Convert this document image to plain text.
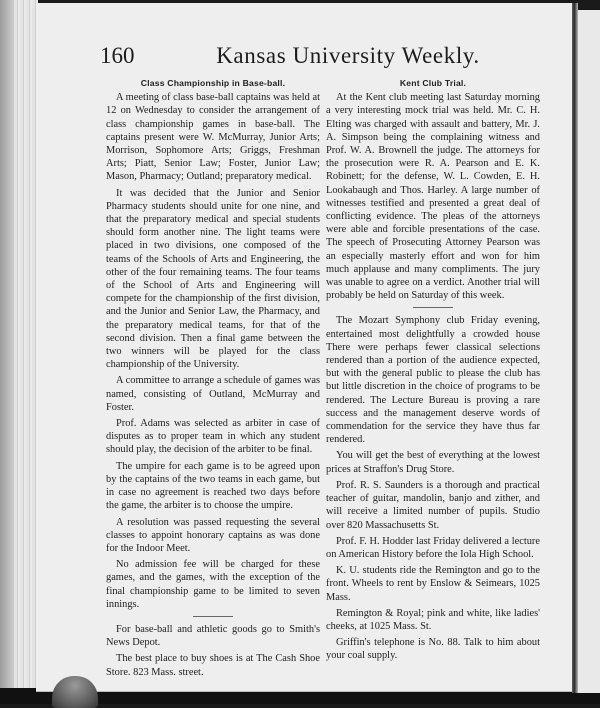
160	Kansas University Weekly.
Class Championship in Base-ball.

A meeting of class base-ball captains was held at 12 on Wednesday to consider the arrangement of class championship games in base-ball. The captains present were W. McMurray, Junior Arts; Morrison, Sophomore Arts; Griggs, Freshman Arts; Piatt, Senior Law; Foster, Junior Law; Mason, Pharmacy; Outland; preparatory medical.

It was decided that the Junior and Senior Pharmacy students should unite for one nine, and that the preparatory medical and special students should form another nine. The light teams were placed in two divisions, one composed of the teams of the Schools of Arts and Engineering, the other of the four remaining teams. The four teams of the School of Arts and Engineering will compete for the championship of the first division, and the Junior and Senior Law, the Pharmacy, and the preparatory medical teams, for that of the second division. Then a final game between the two winners will be played for the class championship of the University.

A committee to arrange a schedule of games was named, consisting of Outland, McMurray and Foster.

Prof. Adams was selected as arbiter in case of disputes as to proper team in which any student should play, the decision of the arbiter to be final.

The umpire for each game is to be agreed upon by the captains of the two teams in each game, but in case no agreement is reached two days before the game, the arbiter is to choose the umpire.

A resolution was passed requesting the several classes to appoint honorary captains as was done for the Indoor Meet.

No admission fee will be charged for these games, and the games, with the exception of the final championship game to be limited to seven innings.

For base-ball and athletic goods go to Smith's News Depot.

The best place to buy shoes is at The Cash Shoe Store. 823 Mass. street.

Kent Club Trial.

At the Kent club meeting last Saturday morning a very interesting mock trial was held. Mr. C. H. Elting was charged with assault and battery, Mr. J. A. Simpson being the complaining witness and Prof. W. A. Brownell the judge. The attorneys for the prosecution were R. A. Pearson and E. K. Robinett; for the defense, W. L. Cowden, E. H. Lookabaugh and Thos. Harley. A large number of witnesses testified and presented a great deal of conflicting evidence. The pleas of the attorneys were able and forcible presentations of the case. The speech of Prosecuting Attorney Pearson was an especially masterly effort and won for him much applause and many compliments. The jury was unable to agree on a verdict. Another trial will probably be held on Saturday of this week.

The Mozart Symphony club Friday evening, entertained most delightfully a crowded house There were perhaps fewer classical selections rendered than a portion of the audience expected, but with the general public to please the club has but little discretion in the choice of programs to be rendered. The Lecture Bureau is proving a rare success and the management deserve words of commendation for the service they have thus far rendered.

You will get the best of everything at the lowest prices at Straffon's Drug Store.

Prof. R. S. Saunders is a thorough and practical teacher of guitar, mandolin, banjo and zither, and will receive a limited number of pupils. Studio over 820 Massachusetts St.

Prof. F. H. Hodder last Friday delivered a lecture on American History before the Iola High School.

K. U. students ride the Remington and go to the front. Wheels to rent by Enslow & Seimears, 1025 Mass.

Remington & Royal; pink and white, like ladies' cheeks, at 1025 Mass. St.

Griffin's telephone is No. 88. Talk to him about your coal supply.
